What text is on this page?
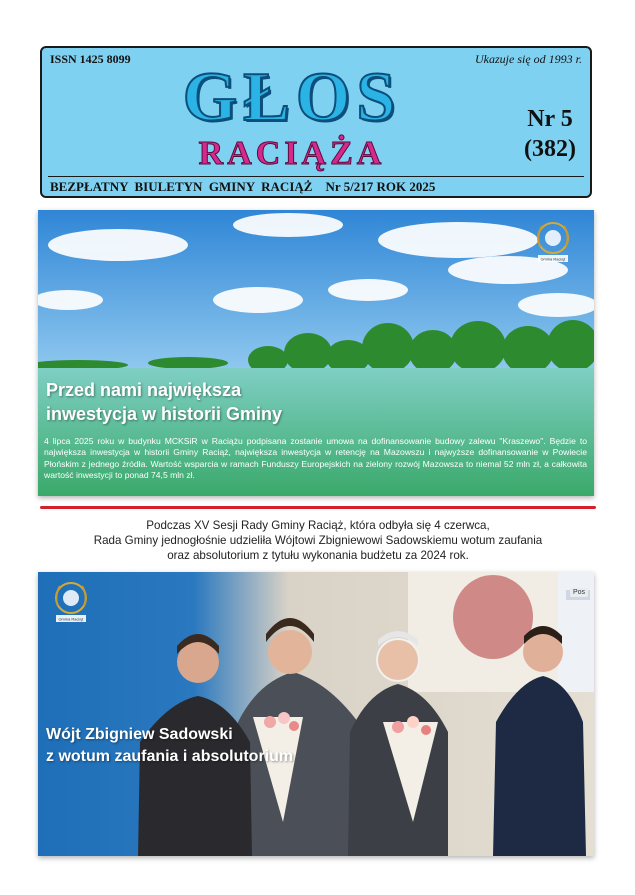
ISSN 1425 8099	Ukazuje się od 1993 r.
GŁOS
RACIĄŻA
Nr 5
(382)
BEZPŁATNY  BIULETYN  GMINY  RACIĄŻ    Nr 5/217 ROK 2025
Gmina Raciąż
Przed nami największa
inwestycja w historii Gminy
4 lipca 2025 roku w budynku MCKSiR w Raciążu podpisana zostanie umowa na dofinansowanie budowy zalewu "Kraszewo". Będzie to największa inwestycja w historii Gminy Raciąż, największa inwestycja w retencję na Mazowszu i najwyższe dofinansowanie w Powiecie Płońskim z jednego źródła. Wartość wsparcia w ramach Funduszy Europejskich na zielony rozwój Mazowsza to niemal 52 mln zł, a całkowita wartość inwestycji to ponad 74,5 mln zł.
Podczas XV Sesji Rady Gminy Raciąż, która odbyła się 4 czerwca,
Rada Gminy jednogłośnie udzieliła Wójtowi Zbigniewowi Sadowskiemu wotum zaufania
oraz absolutorium z tytułu wykonania budżetu za 2024 rok.
Gmina Raciąż
Pos
Wójt Zbigniew Sadowski
z wotum zaufania i absolutorium
